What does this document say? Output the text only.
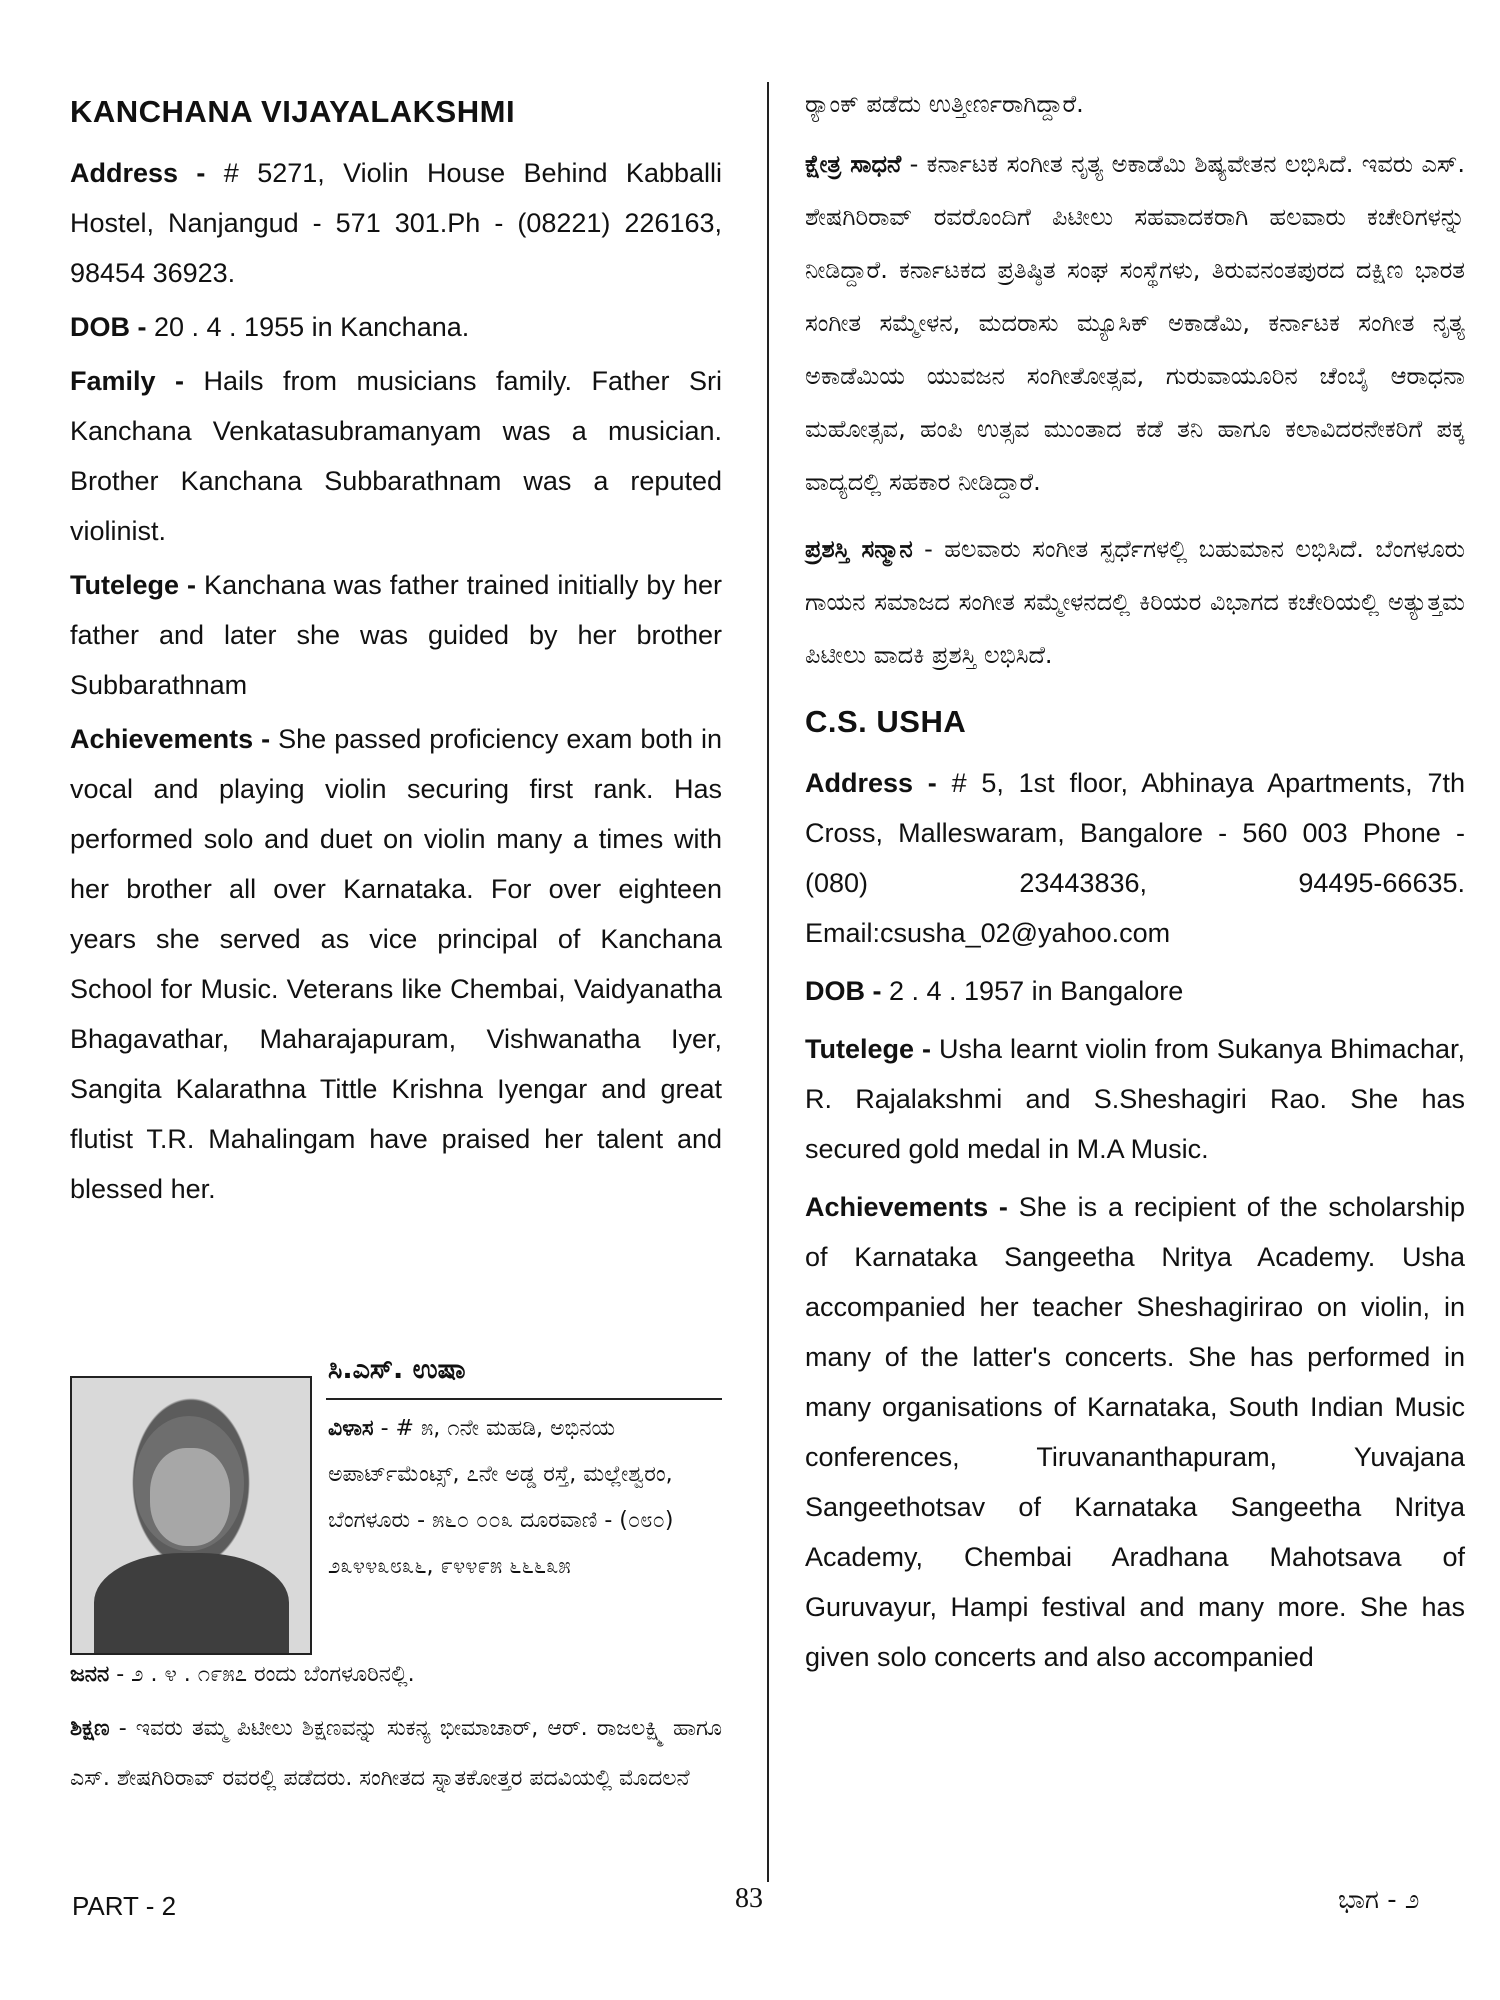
KANCHANA VIJAYALAKSHMI

Address - # 5271, Violin House Behind Kabballi Hostel, Nanjangud - 571 301.Ph - (08221) 226163, 98454 36923.

DOB - 20 . 4 . 1955 in Kanchana.

Family - Hails from musicians family. Father Sri Kanchana Venkatasubramanyam was a musician. Brother Kanchana Subbarathnam was a reputed violinist.

Tutelege - Kanchana was father trained initially by her father and later she was guided by her brother Subbarathnam

Achievements - She passed proficiency exam both in vocal and playing violin securing first rank. Has performed solo and duet on violin many a times with her brother all over Karnataka. For over eighteen years she served as vice principal of Kanchana School for Music. Veterans like Chembai, Vaidyanatha Bhagavathar, Maharajapuram, Vishwanatha Iyer, Sangita Kalarathna Tittle Krishna Iyengar and great flutist T.R. Mahalingam have praised her talent and blessed her.

ಸಿ.ಎಸ್. ಉಷಾ

ವಿಳಾಸ - # ೫, ೧ನೇ ಮಹಡಿ, ಅಭಿನಯ ಅಪಾರ್ಟ್‌ಮೆಂಟ್ಸ್, ೭ನೇ ಅಡ್ಡ ರಸ್ತೆ, ಮಲ್ಲೇಶ್ವರಂ, ಬೆಂಗಳೂರು - ೫೬೦ ೦೦೩ ದೂರವಾಣಿ - (೦೮೦) ೨೩೪೪೩೮೩೬, ೯೪೪೯೫ ೬೬೬೩೫

ಜನನ - ೨ . ೪ . ೧೯೫೭ ರಂದು ಬೆಂಗಳೂರಿನಲ್ಲಿ.

ಶಿಕ್ಷಣ - ಇವರು ತಮ್ಮ ಪಿಟೀಲು ಶಿಕ್ಷಣವನ್ನು ಸುಕನ್ಯ ಭೀಮಾಚಾರ್, ಆರ್. ರಾಜಲಕ್ಷ್ಮಿ ಹಾಗೂ ಎಸ್. ಶೇಷಗಿರಿರಾವ್ ರವರಲ್ಲಿ ಪಡೆದರು. ಸಂಗೀತದ ಸ್ನಾತಕೋತ್ತರ ಪದವಿಯಲ್ಲಿ ಮೊದಲನೆ

ರ‍್ಯಾಂಕ್ ಪಡೆದು ಉತ್ತೀರ್ಣರಾಗಿದ್ದಾರೆ.

ಕ್ಷೇತ್ರ ಸಾಧನೆ - ಕರ್ನಾಟಕ ಸಂಗೀತ ನೃತ್ಯ ಅಕಾಡೆಮಿ ಶಿಷ್ಯವೇತನ ಲಭಿಸಿದೆ. ಇವರು ಎಸ್. ಶೇಷಗಿರಿರಾವ್ ರವರೊಂದಿಗೆ ಪಿಟೀಲು ಸಹವಾದಕರಾಗಿ ಹಲವಾರು ಕಚೇರಿಗಳನ್ನು ನೀಡಿದ್ದಾರೆ. ಕರ್ನಾಟಕದ ಪ್ರತಿಷ್ಠಿತ ಸಂಘ ಸಂಸ್ಥೆಗಳು, ತಿರುವನಂತಪುರದ ದಕ್ಷಿಣ ಭಾರತ ಸಂಗೀತ ಸಮ್ಮೇಳನ, ಮದರಾಸು ಮ್ಯೂಸಿಕ್ ಅಕಾಡೆಮಿ, ಕರ್ನಾಟಕ ಸಂಗೀತ ನೃತ್ಯ ಅಕಾಡೆಮಿಯ ಯುವಜನ ಸಂಗೀತೋತ್ಸವ, ಗುರುವಾಯೂರಿನ ಚೆಂಬೈ ಆರಾಧನಾ ಮಹೋತ್ಸವ, ಹಂಪಿ ಉತ್ಸವ ಮುಂತಾದ ಕಡೆ ತನಿ ಹಾಗೂ ಕಲಾವಿದರನೇಕರಿಗೆ ಪಕ್ಕ ವಾದ್ಯದಲ್ಲಿ ಸಹಕಾರ ನೀಡಿದ್ದಾರೆ.

ಪ್ರಶಸ್ತಿ ಸನ್ಮಾನ - ಹಲವಾರು ಸಂಗೀತ ಸ್ಪರ್ಧೆಗಳಲ್ಲಿ ಬಹುಮಾನ ಲಭಿಸಿದೆ. ಬೆಂಗಳೂರು ಗಾಯನ ಸಮಾಜದ ಸಂಗೀತ ಸಮ್ಮೇಳನದಲ್ಲಿ ಕಿರಿಯರ ವಿಭಾಗದ ಕಚೇರಿಯಲ್ಲಿ ಅತ್ಯುತ್ತಮ ಪಿಟೀಲು ವಾದಕಿ ಪ್ರಶಸ್ತಿ ಲಭಿಸಿದೆ.

C.S. USHA

Address - # 5, 1st floor, Abhinaya Apartments, 7th Cross, Malleswaram, Bangalore - 560 003 Phone - (080) 23443836, 94495-66635. Email:csusha_02@yahoo.com

DOB - 2 . 4 . 1957 in Bangalore

Tutelege - Usha learnt violin from Sukanya Bhimachar, R. Rajalakshmi and S.Sheshagiri Rao. She has secured gold medal in M.A Music.

Achievements - She is a recipient of the scholarship of Karnataka Sangeetha Nritya Academy. Usha accompanied her teacher Sheshagirirao on violin, in many of the latter's concerts. She has performed in many organisations of Karnataka, South Indian Music conferences, Tiruvananthapuram, Yuvajana Sangeethotsav of Karnataka Sangeetha Nritya Academy, Chembai Aradhana Mahotsava of Guruvayur, Hampi festival and many more. She has given solo concerts and also accompanied

PART - 2	83	ಭಾಗ - ೨
